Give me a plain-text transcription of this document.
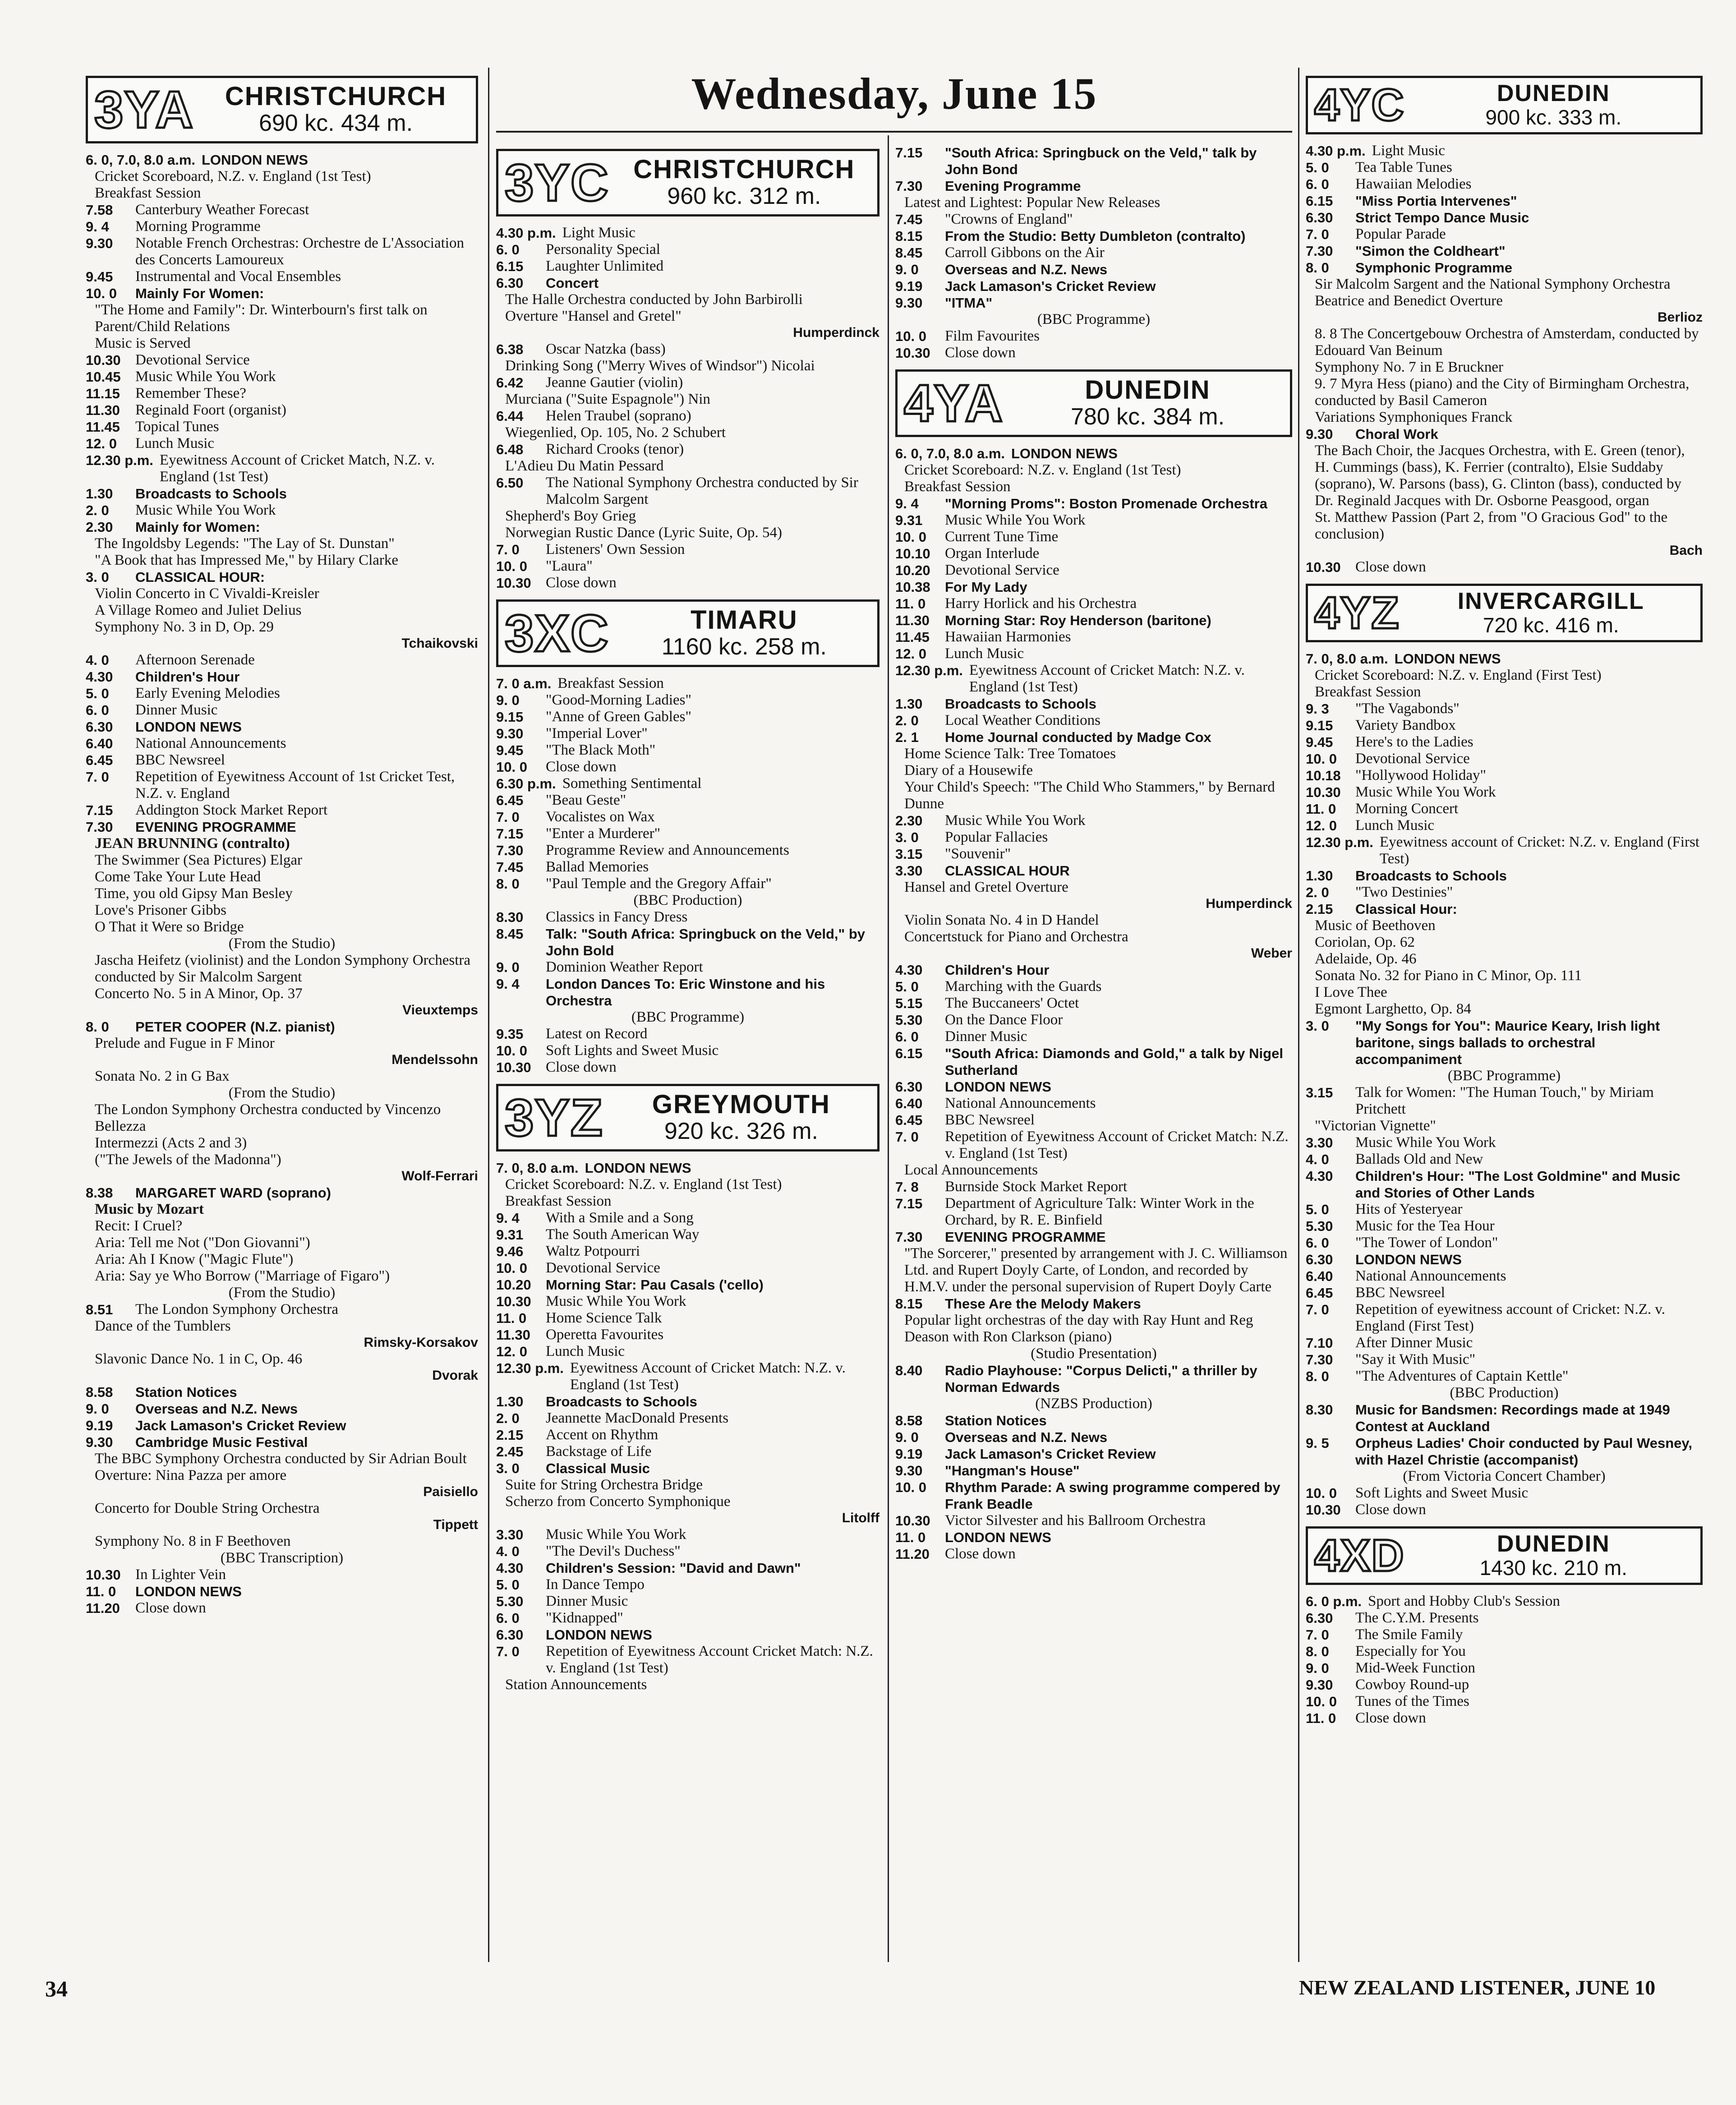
Wednesday, June 15
3YA CHRISTCHURCH
690 kc. 434 m.
6. 0, 7.0, 8.0 a.m. LONDON NEWS
Cricket Scoreboard, N.Z. v. England (1st Test)
Breakfast Session
7.58	Canterbury Weather Forecast
9. 4	Morning Programme
9.30	Notable French Orchestras: Orchestre de L'Association des Concerts Lamoureux
9.45	Instrumental and Vocal Ensembles
10. 0	Mainly For Women:
"The Home and Family": Dr. Winterbourn's first talk on Parent/Child Relations
Music is Served
10.30 Devotional Service
10.45 Music While You Work
11.15	Remember These?
11.30	Reginald Foort (organist)
11.45	Topical Tunes
12. 0	Lunch Music
12.30 p.m. Eyewitness Account of Cricket Match, N.Z. v. England (1st Test)
1.30	Broadcasts to Schools
2. 0	Music While You Work
2.30	Mainly for Women:
The Ingoldsby Legends: "The Lay of St. Dunstan"
"A Book that has Impressed Me," by Hilary Clarke
3. 0	CLASSICAL HOUR:
Violin Concerto in C Vivaldi-Kreisler
A Village Romeo and Juliet Delius
Symphony No. 3 in D, Op. 29
Tchaikovski
4. 0	Afternoon Serenade
4.30	Children's Hour
5. 0	Early Evening Melodies
6. 0	Dinner Music
6.30	LONDON NEWS
6.40	National Announcements
6.45	BBC Newsreel
7. 0	Repetition of Eyewitness Account of 1st Cricket Test, N.Z. v. England
7.15	Addington Stock Market Report
7.30	EVENING PROGRAMME
JEAN BRUNNING (contralto)
The Swimmer (Sea Pictures) Elgar
Come Take Your Lute Head
Time, you old Gipsy Man Besley
Love's Prisoner Gibbs
O That it Were so Bridge
(From the Studio)
Jascha Heifetz (violinist) and the London Symphony Orchestra conducted by Sir Malcolm Sargent
Concerto No. 5 in A Minor, Op. 37
Vieuxtemps
8. 0	PETER COOPER (N.Z. pianist)
Prelude and Fugue in F Minor
Mendelssohn
Sonata No. 2 in G Bax
(From the Studio)
The London Symphony Orchestra conducted by Vincenzo Bellezza
Intermezzi (Acts 2 and 3)
("The Jewels of the Madonna")
Wolf-Ferrari
8.38	MARGARET WARD (soprano)
Music by Mozart
Recit: I Cruel?
Aria: Tell me Not ("Don Giovanni")
Aria: Ah I Know ("Magic Flute")
Aria: Say ye Who Borrow ("Marriage of Figaro")
(From the Studio)
8.51	The London Symphony Orchestra
Dance of the Tumblers
Rimsky-Korsakov
Slavonic Dance No. 1 in C, Op. 46
Dvorak
8.58	Station Notices
9. 0	Overseas and N.Z. News
9.19	Jack Lamason's Cricket Review
9.30	Cambridge Music Festival
The BBC Symphony Orchestra conducted by Sir Adrian Boult
Overture: Nina Pazza per amore
Paisiello
Concerto for Double String Orchestra
Tippett
Symphony No. 8 in F Beethoven
(BBC Transcription)
10.30 In Lighter Vein
11. 0	LONDON NEWS
11.20	Close down
3YC CHRISTCHURCH
960 kc. 312 m.
4.30 p.m. Light Music
6. 0	Personality Special
6.15	Laughter Unlimited
6.30	Concert
The Halle Orchestra conducted by John Barbirolli
Overture "Hansel and Gretel"
Humperdinck
6.38	Oscar Natzka (bass)
Drinking Song ("Merry Wives of Windsor") Nicolai
6.42	Jeanne Gautier (violin)
Murciana ("Suite Espagnole") Nin
6.44	Helen Traubel (soprano)
Wiegenlied, Op. 105, No. 2 Schubert
6.48	Richard Crooks (tenor)
L'Adieu Du Matin Pessard
6.50	The National Symphony Orchestra conducted by Sir Malcolm Sargent
Shepherd's Boy Grieg
Norwegian Rustic Dance (Lyric Suite, Op. 54)
7. 0	Listeners' Own Session
10. 0	"Laura"
10.30 Close down
3XC	TIMARU
1160 kc. 258 m.
7. 0 a.m. Breakfast Session
9. 0	"Good-Morning Ladies"
9.15	"Anne of Green Gables"
9.30	"Imperial Lover"
9.45	"The Black Moth"
10. 0	Close down
6.30 p.m. Something Sentimental
6.45	"Beau Geste"
7. 0	Vocalistes on Wax
7.15	"Enter a Murderer"
7.30	Programme Review and Announcements
7.45	Ballad Memories
8. 0	"Paul Temple and the Gregory Affair"
(BBC Production)
8.30	Classics in Fancy Dress
8.45	Talk: "South Africa: Springbuck on the Veld," by John Bold
9. 0	Dominion Weather Report
9. 4	London Dances To: Eric Winstone and his Orchestra
(BBC Programme)
9.35	Latest on Record
10. 0	Soft Lights and Sweet Music
10.30 Close down
3YZ GREYMOUTH
920 kc. 326 m.
7. 0, 8.0 a.m. LONDON NEWS
Cricket Scoreboard: N.Z. v. England (1st Test)
Breakfast Session
9. 4	With a Smile and a Song
9.31	The South American Way
9.46	Waltz Potpourri
10. 0	Devotional Service
10.20	Morning Star: Pau Casals ('cello)
10.30 Music While You Work
11. 0	Home Science Talk
11.30	Operetta Favourites
12. 0	Lunch Music
12.30 p.m. Eyewitness Account of Cricket Match: N.Z. v. England (1st Test)
1.30	Broadcasts to Schools
2. 0	Jeannette MacDonald Presents
2.15	Accent on Rhythm
2.45	Backstage of Life
3. 0	Classical Music
Suite for String Orchestra Bridge
Scherzo from Concerto Symphonique
Litolff
3.30	Music While You Work
4. 0	"The Devil's Duchess"
4.30	Children's Session: "David and Dawn"
5. 0	In Dance Tempo
5.30	Dinner Music
6. 0	"Kidnapped"
6.30	LONDON NEWS
7. 0	Repetition of Eyewitness Account Cricket Match: N.Z. v. England (1st Test)
Station Announcements
7.15	"South Africa: Springbuck on the Veld," talk by John Bond
7.30	Evening Programme
Latest and Lightest: Popular New Releases
7.45	"Crowns of England"
8.15	From the Studio: Betty Dumbleton (contralto)
8.45	Carroll Gibbons on the Air
9. 0	Overseas and N.Z. News
9.19	Jack Lamason's Cricket Review
9.30	"ITMA"
(BBC Programme)
10. 0	Film Favourites
10.30 Close down
4YA	DUNEDIN
780 kc. 384 m.
6. 0, 7.0, 8.0 a.m. LONDON NEWS
Cricket Scoreboard: N.Z. v. England (1st Test)
Breakfast Session
9. 4	"Morning Proms": Boston Promenade Orchestra
9.31	Music While You Work
10. 0	Current Tune Time
10.10 Organ Interlude
10.20 Devotional Service
10.38	For My Lady
11. 0	Harry Horlick and his Orchestra
11.30	Morning Star: Roy Henderson (baritone)
11.45	Hawaiian Harmonies
12. 0	Lunch Music
12.30 p.m. Eyewitness Account of Cricket Match: N.Z. v. England (1st Test)
1.30	Broadcasts to Schools
2. 0	Local Weather Conditions
2. 1	Home Journal conducted by Madge Cox
Home Science Talk: Tree Tomatoes
Diary of a Housewife
Your Child's Speech: "The Child Who Stammers," by Bernard Dunne
2.30	Music While You Work
3. 0	Popular Fallacies
3.15	"Souvenir"
3.30	CLASSICAL HOUR
Hansel and Gretel Overture
Humperdinck
Violin Sonata No. 4 in D Handel
Concertstuck for Piano and Orchestra
Weber
4.30	Children's Hour
5. 0	Marching with the Guards
5.15	The Buccaneers' Octet
5.30	On the Dance Floor
6. 0	Dinner Music
6.15	"South Africa: Diamonds and Gold," a talk by Nigel Sutherland
6.30	LONDON NEWS
6.40	National Announcements
6.45	BBC Newsreel
7. 0	Repetition of Eyewitness Account of Cricket Match: N.Z. v. England (1st Test)
Local Announcements
7. 8	Burnside Stock Market Report
7.15	Department of Agriculture Talk: Winter Work in the Orchard, by R. E. Binfield
7.30	EVENING PROGRAMME
"The Sorcerer," presented by arrangement with J. C. Williamson Ltd. and Rupert Doyly Carte, of London, and recorded by H.M.V. under the personal supervision of Rupert Doyly Carte
8.15	These Are the Melody Makers
Popular light orchestras of the day with Ray Hunt and Reg Deason with Ron Clarkson (piano)
(Studio Presentation)
8.40	Radio Playhouse: "Corpus Delicti," a thriller by Norman Edwards
(NZBS Production)
8.58	Station Notices
9. 0	Overseas and N.Z. News
9.19	Jack Lamason's Cricket Review
9.30	"Hangman's House"
10. 0	Rhythm Parade: A swing programme compered by Frank Beadle
10.30 Victor Silvester and his Ballroom Orchestra
11. 0	LONDON NEWS
11.20	Close down
4YC	DUNEDIN
900 kc. 333 m.
4.30 p.m. Light Music
5. 0	Tea Table Tunes
6. 0	Hawaiian Melodies
6.15	"Miss Portia Intervenes"
6.30	Strict Tempo Dance Music
7. 0	Popular Parade
7.30	"Simon the Coldheart"
8. 0	Symphonic Programme
Sir Malcolm Sargent and the National Symphony Orchestra
Beatrice and Benedict Overture
Berlioz
8. 8 The Concertgebouw Orchestra of Amsterdam, conducted by Edouard Van Beinum
Symphony No. 7 in E Bruckner
9. 7 Myra Hess (piano) and the City of Birmingham Orchestra, conducted by Basil Cameron
Variations Symphoniques Franck
9.30	Choral Work
The Bach Choir, the Jacques Orchestra, with E. Green (tenor), H. Cummings (bass), K. Ferrier (contralto), Elsie Suddaby (soprano), W. Parsons (bass), G. Clinton (bass), conducted by Dr. Reginald Jacques with Dr. Osborne Peasgood, organ
St. Matthew Passion (Part 2, from "O Gracious God" to the conclusion)
Bach
10.30 Close down
4YZ INVERCARGILL
720 kc. 416 m.
7. 0, 8.0 a.m. LONDON NEWS
Cricket Scoreboard: N.Z. v. England (First Test)
Breakfast Session
9. 3	"The Vagabonds"
9.15	Variety Bandbox
9.45	Here's to the Ladies
10. 0	Devotional Service
10.18 "Hollywood Holiday"
10.30 Music While You Work
11. 0	Morning Concert
12. 0	Lunch Music
12.30 p.m. Eyewitness account of Cricket: N.Z. v. England (First Test)
1.30	Broadcasts to Schools
2. 0	"Two Destinies"
2.15	Classical Hour:
Music of Beethoven
Coriolan, Op. 62
Adelaide, Op. 46
Sonata No. 32 for Piano in C Minor, Op. 111
I Love Thee
Egmont Larghetto, Op. 84
3. 0	"My Songs for You": Maurice Keary, Irish light baritone, sings ballads to orchestral accompaniment
(BBC Programme)
3.15	Talk for Women: "The Human Touch," by Miriam Pritchett
"Victorian Vignette"
3.30	Music While You Work
4. 0	Ballads Old and New
4.30	Children's Hour: "The Lost Goldmine" and Music and Stories of Other Lands
5. 0	Hits of Yesteryear
5.30	Music for the Tea Hour
6. 0	"The Tower of London"
6.30	LONDON NEWS
6.40	National Announcements
6.45	BBC Newsreel
7. 0	Repetition of eyewitness account of Cricket: N.Z. v. England (First Test)
7.10	After Dinner Music
7.30	"Say it With Music"
8. 0	"The Adventures of Captain Kettle"
(BBC Production)
8.30	Music for Bandsmen: Recordings made at 1949 Contest at Auckland
9. 5	Orpheus Ladies' Choir conducted by Paul Wesney, with Hazel Christie (accompanist)
(From Victoria Concert Chamber)
10. 0	Soft Lights and Sweet Music
10.30 Close down
4XD	DUNEDIN
1430 kc. 210 m.
6. 0 p.m. Sport and Hobby Club's Session
6.30	The C.Y.M. Presents
7. 0	The Smile Family
8. 0	Especially for You
9. 0	Mid-Week Function
9.30	Cowboy Round-up
10. 0	Tunes of the Times
11. 0	Close down
34	NEW ZEALAND LISTENER, JUNE 10
